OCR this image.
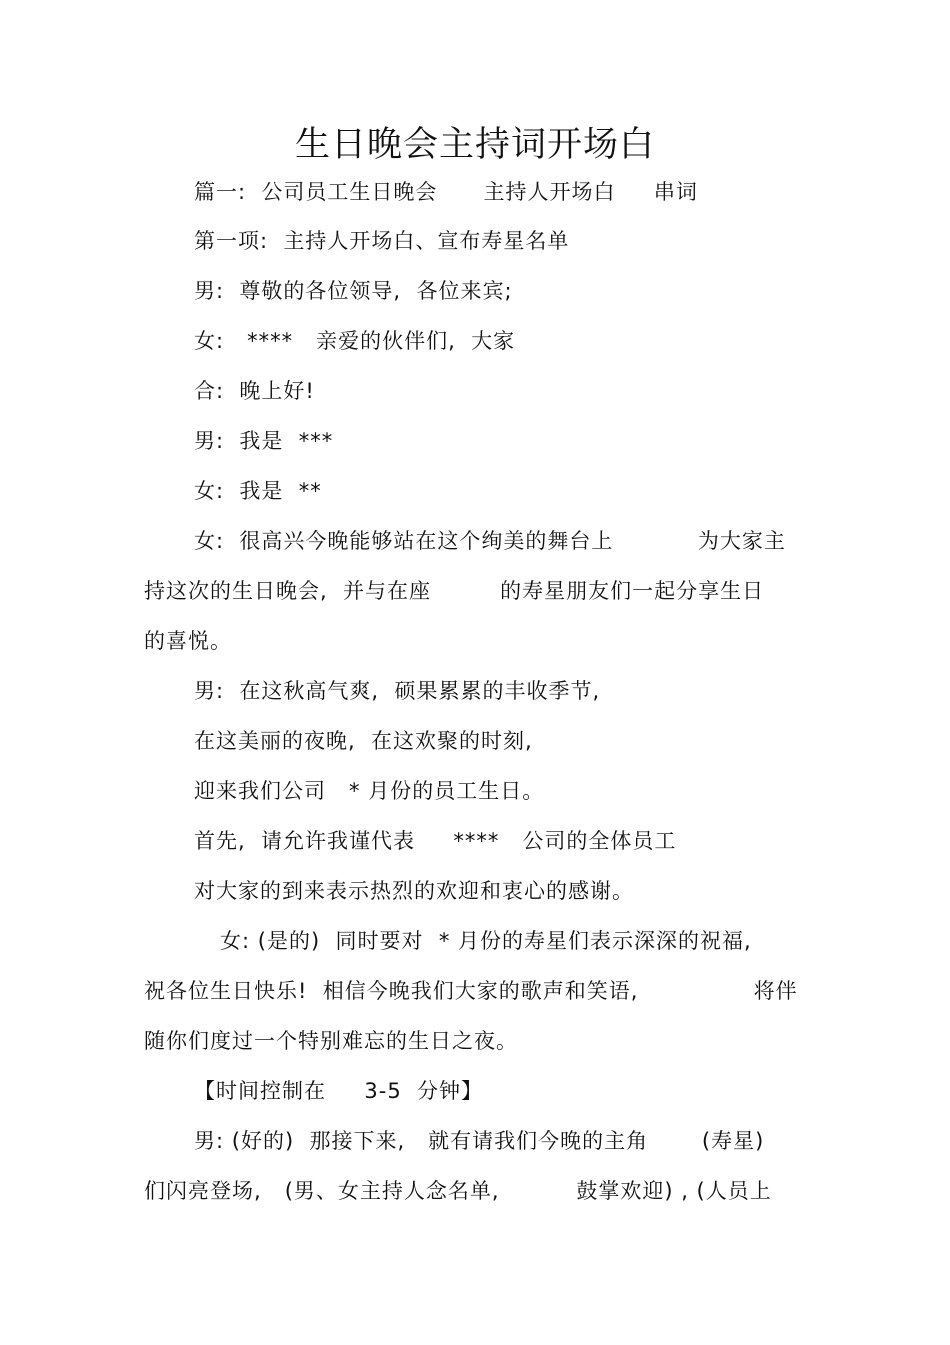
生日晚会主持词开场白
篇一:  公司员工生日晚会      主持人开场白     串词
第一项:  主持人开场白、宣布寿星名单
男:  尊敬的各位领导,  各位来宾;
女:   ****   亲爱的伙伴们,  大家
合:  晚上好!
男:  我是  ***
女:  我是  **
女:  很高兴今晚能够站在这个绚美的舞台上           为大家主
持这次的生日晚会,  并与在座         的寿星朋友们一起分享生日
的喜悦。
男:  在这秋高气爽,  硕果累累的丰收季节,
在这美丽的夜晚,  在这欢聚的时刻,
迎来我们公司   * 月份的员工生日。
首先,  请允许我谨代表     ****   公司的全体员工
对大家的到来表示热烈的欢迎和衷心的感谢。
女: (是的)  同时要对  * 月份的寿星们表示深深的祝福,
祝各位生日快乐!  相信今晚我们大家的歌声和笑语,               将伴
随你们度过一个特别难忘的生日之夜。
【时间控制在     3-5  分钟】
男: (好的)  那接下来,   就有请我们今晚的主角       (寿星)
们闪亮登场,   (男、女主持人念名单,          鼓掌欢迎) , (人员上
